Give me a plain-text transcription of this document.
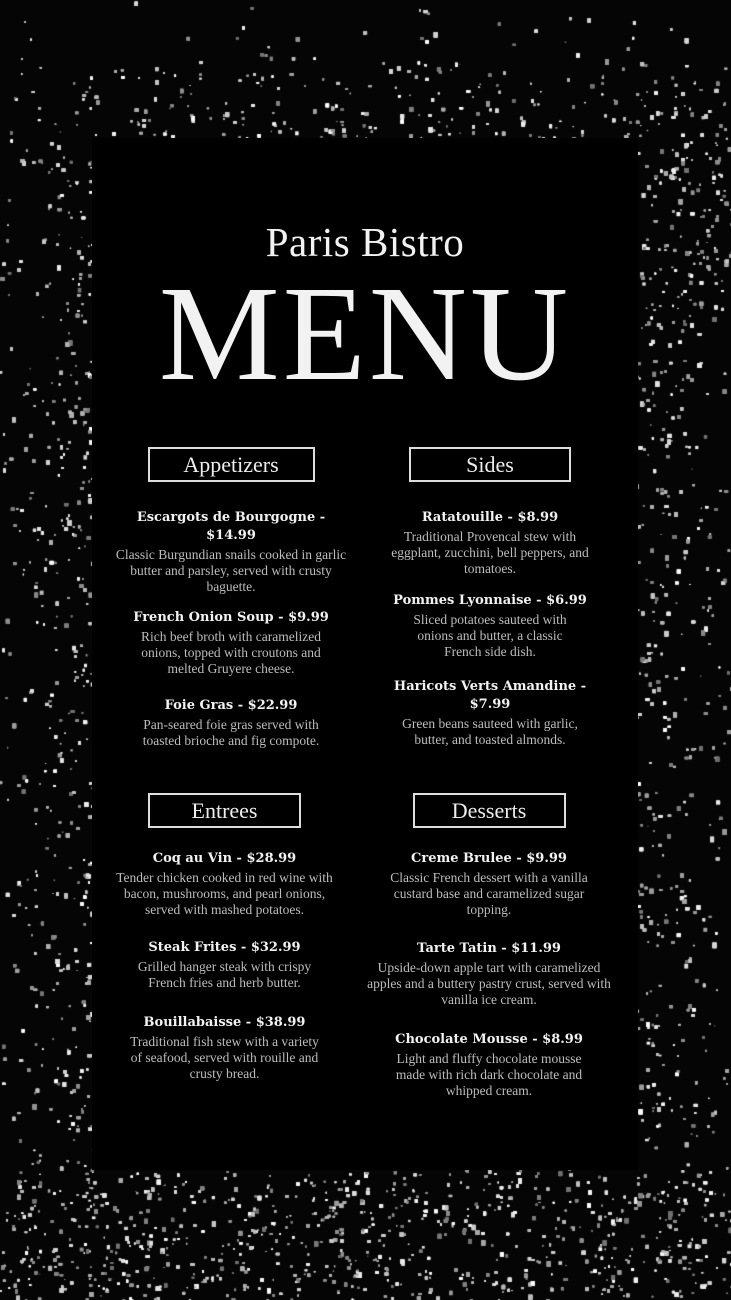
Paris Bistro
MENU
Appetizers
Escargots de Bourgogne - $14.99
Classic Burgundian snails cooked in garlic butter and parsley, served with crusty baguette.
French Onion Soup - $9.99
Rich beef broth with caramelized onions, topped with croutons and melted Gruyere cheese.
Foie Gras - $22.99
Pan-seared foie gras served with toasted brioche and fig compote.
Sides
Ratatouille - $8.99
Traditional Provencal stew with eggplant, zucchini, bell peppers, and tomatoes.
Pommes Lyonnaise - $6.99
Sliced potatoes sauteed with onions and butter, a classic French side dish.
Haricots Verts Amandine - $7.99
Green beans sauteed with garlic, butter, and toasted almonds.
Entrees
Coq au Vin - $28.99
Tender chicken cooked in red wine with bacon, mushrooms, and pearl onions, served with mashed potatoes.
Steak Frites - $32.99
Grilled hanger steak with crispy French fries and herb butter.
Bouillabaisse - $38.99
Traditional fish stew with a variety of seafood, served with rouille and crusty bread.
Desserts
Creme Brulee - $9.99
Classic French dessert with a vanilla custard base and caramelized sugar topping.
Tarte Tatin - $11.99
Upside-down apple tart with caramelized apples and a buttery pastry crust, served with vanilla ice cream.
Chocolate Mousse - $8.99
Light and fluffy chocolate mousse made with rich dark chocolate and whipped cream.
